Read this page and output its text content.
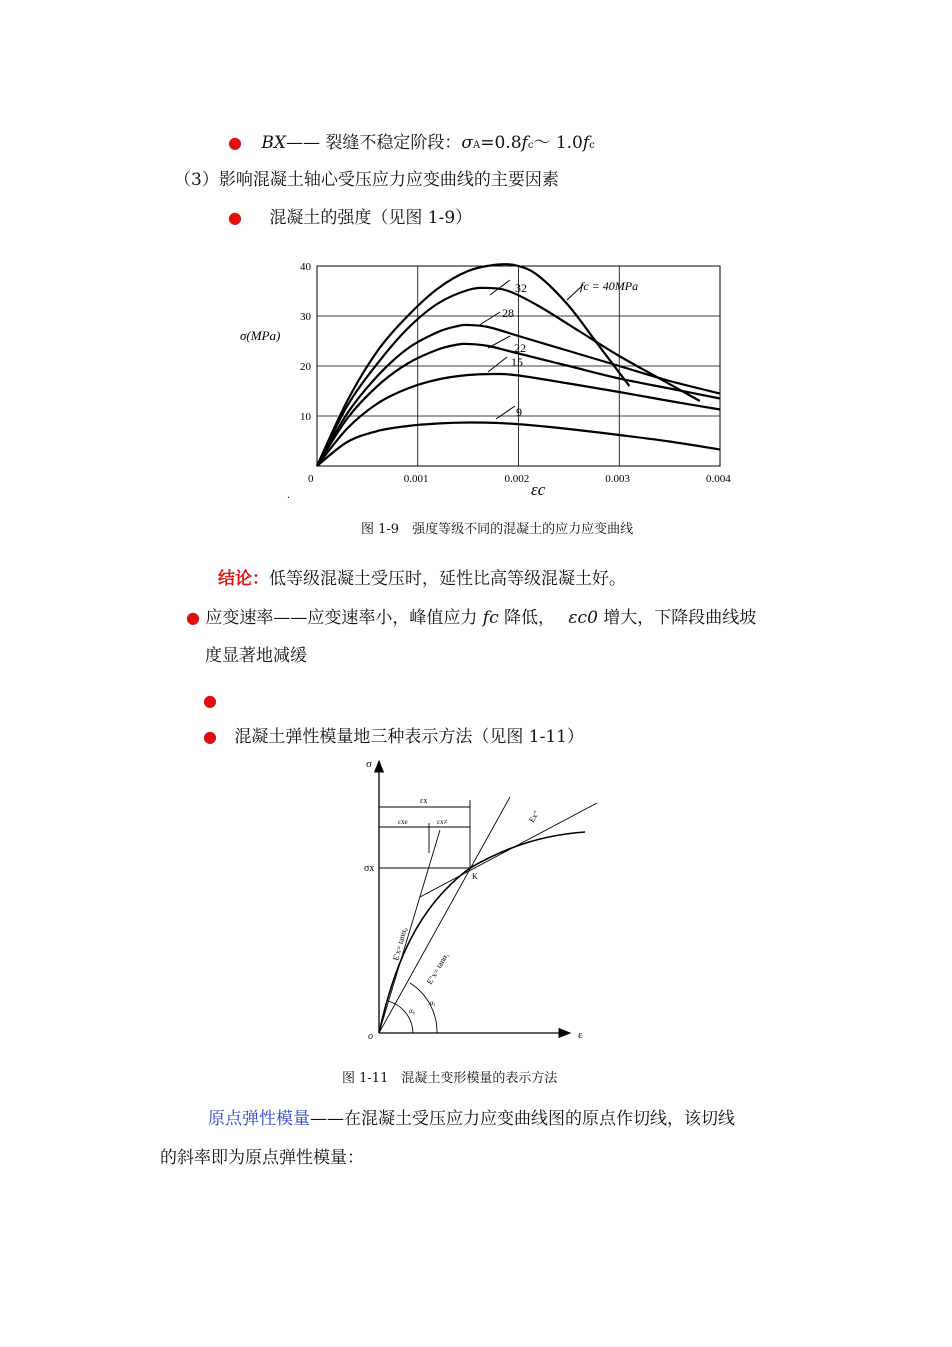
● BX—— 裂缝不稳定阶段：σA=0.8fc～ 1.0fc
（3）影响混凝土轴心受压应力应变曲线的主要因素
● 混凝土的强度（见图 1-9）
0	0.001	0.002	0.003	0.004
10
20
30
40
fc = 40MPa
32
28
22
15
9
σ(MPa)
εc
.
图 1-9　强度等级不同的混凝土的应力应变曲线
结论：低等级混凝土受压时，延性比高等级混凝土好。
● 应变速率——应变速率小，峰值应力 fc 降低， εc0 增大，下降段曲线坡
度显著地减缓
●
● 混凝土弹性模量地三种表示方法（见图 1-11）
σ
ε
o
σx
K
εx
εxe	εx≠	Ex"
E′x= tanα₀
E″x= tanα₁
α₁
α₀
图 1-11　混凝土变形模量的表示方法
原点弹性模量——在混凝土受压应力应变曲线图的原点作切线，该切线
的斜率即为原点弹性模量：
